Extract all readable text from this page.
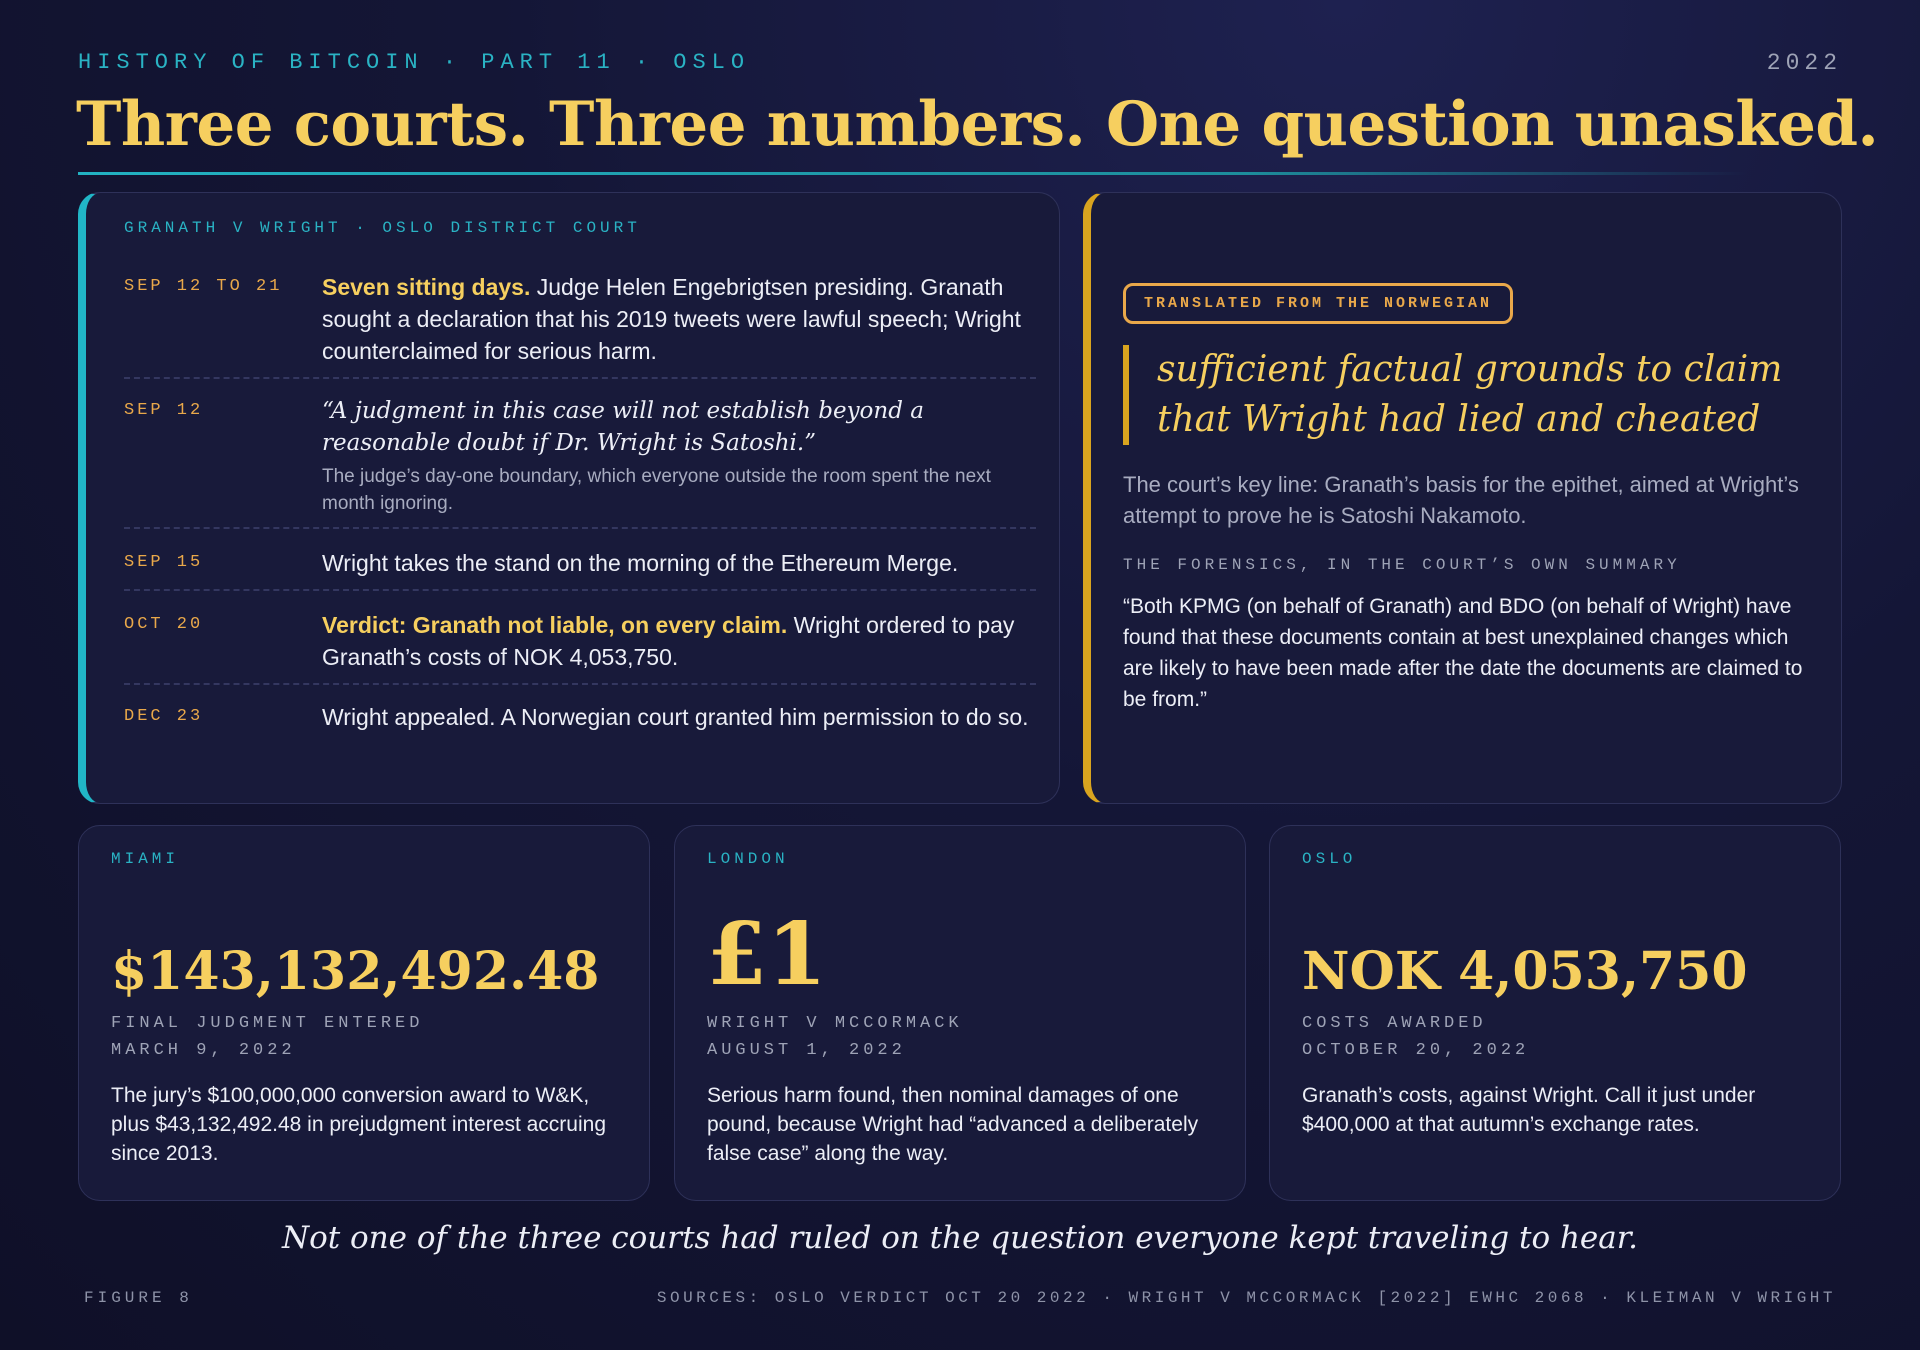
HISTORY OF BITCOIN · PART 11 · OSLO	2022
Three courts. Three numbers. One question unasked.
GRANATH V WRIGHT · OSLO DISTRICT COURT
SEP 12 TO 21 Seven sitting days. Judge Helen Engebrigtsen presiding. Granath sought a declaration that his 2019 tweets were lawful speech; Wright counterclaimed for serious harm.
SEP 12	“A judgment in this case will not establish beyond a reasonable doubt if Dr. Wright is Satoshi.”
The judge’s day-one boundary, which everyone outside the room spent the next month ignoring.
SEP 15	Wright takes the stand on the morning of the Ethereum Merge.
OCT 20	Verdict: Granath not liable, on every claim. Wright ordered to pay Granath’s costs of NOK 4,053,750.
DEC 23	Wright appealed. A Norwegian court granted him permission to do so.
TRANSLATED FROM THE NORWEGIAN
sufficient factual grounds to claim that Wright had lied and cheated
The court’s key line: Granath’s basis for the epithet, aimed at Wright’s attempt to prove he is Satoshi Nakamoto.
THE FORENSICS, IN THE COURT’S OWN SUMMARY
“Both KPMG (on behalf of Granath) and BDO (on behalf of Wright) have found that these documents contain at best unexplained changes which are likely to have been made after the date the documents are claimed to be from.”
MIAMI
$143,132,492.48
FINAL JUDGMENT ENTERED
MARCH 9, 2022
The jury’s $100,000,000 conversion award to W&K, plus $43,132,492.48 in prejudgment interest accruing since 2013.
LONDON
£1
WRIGHT V MCCORMACK
AUGUST 1, 2022
Serious harm found, then nominal damages of one pound, because Wright had “advanced a deliberately false case” along the way.
OSLO
NOK 4,053,750
COSTS AWARDED
OCTOBER 20, 2022
Granath’s costs, against Wright. Call it just under $400,000 at that autumn’s exchange rates.

Not one of the three courts had ruled on the question everyone kept traveling to hear.

FIGURE 8	SOURCES: OSLO VERDICT OCT 20 2022 · WRIGHT V MCCORMACK [2022] EWHC 2068 · KLEIMAN V WRIGHT
